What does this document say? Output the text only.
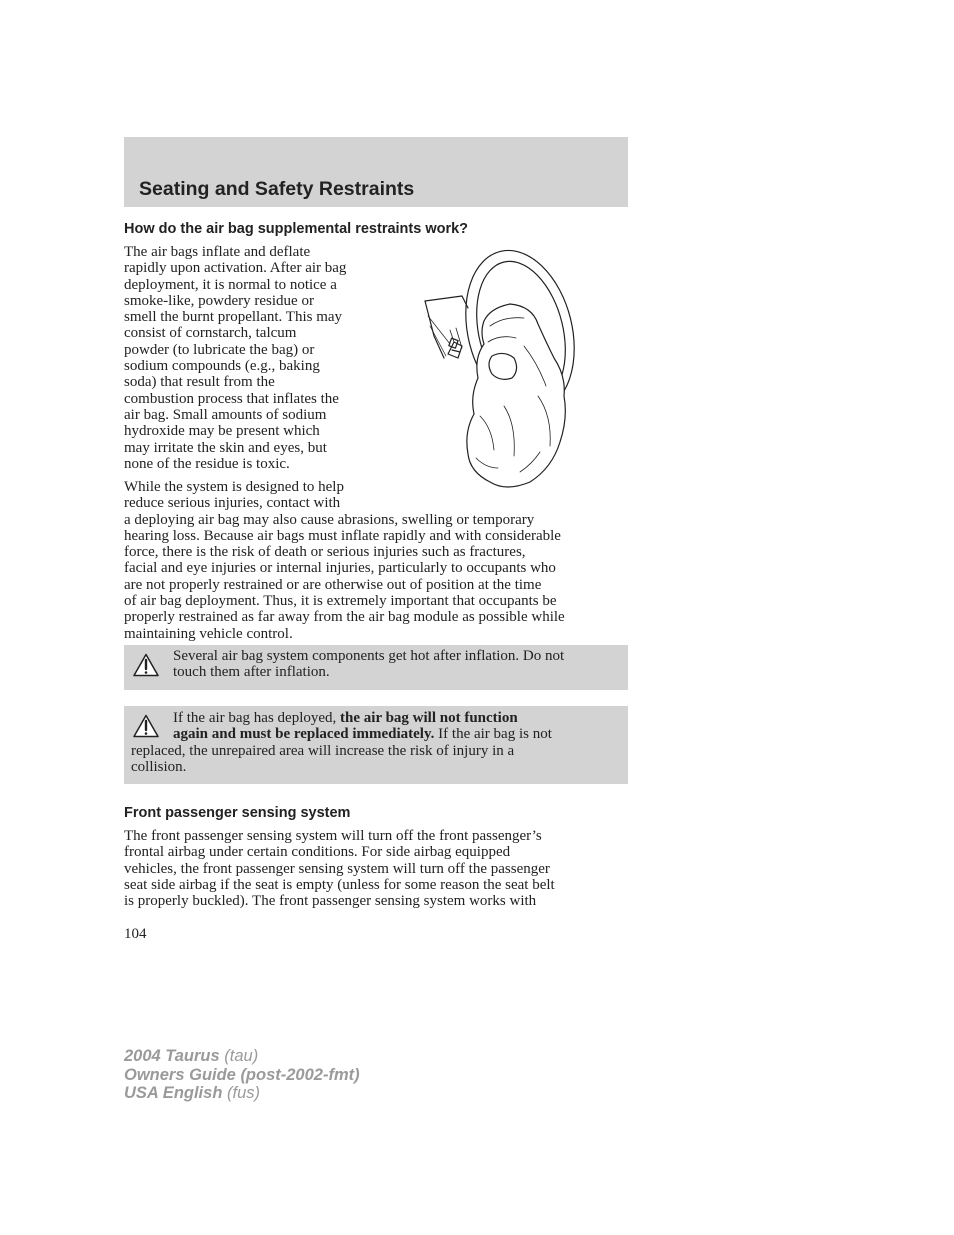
Seating and Safety Restraints
How do the air bag supplemental restraints work?
The air bags inflate and deflate
rapidly upon activation. After air bag
deployment, it is normal to notice a
smoke-like, powdery residue or
smell the burnt propellant. This may
consist of cornstarch, talcum
powder (to lubricate the bag) or
sodium compounds (e.g., baking
soda) that result from the
combustion process that inflates the
air bag. Small amounts of sodium
hydroxide may be present which
may irritate the skin and eyes, but
none of the residue is toxic.
While the system is designed to help
reduce serious injuries, contact with
a deploying air bag may also cause abrasions, swelling or temporary
hearing loss. Because air bags must inflate rapidly and with considerable
force, there is the risk of death or serious injuries such as fractures,
facial and eye injuries or internal injuries, particularly to occupants who
are not properly restrained or are otherwise out of position at the time
of air bag deployment. Thus, it is extremely important that occupants be
properly restrained as far away from the air bag module as possible while
maintaining vehicle control.
Several air bag system components get hot after inflation. Do not
touch them after inflation.
If the air bag has deployed, the air bag will not function
again and must be replaced immediately. If the air bag is not
replaced, the unrepaired area will increase the risk of injury in a
collision.
Front passenger sensing system
The front passenger sensing system will turn off the front passenger’s
frontal airbag under certain conditions. For side airbag equipped
vehicles, the front passenger sensing system will turn off the passenger
seat side airbag if the seat is empty (unless for some reason the seat belt
is properly buckled). The front passenger sensing system works with

104

2004 Taurus (tau)
Owners Guide (post-2002-fmt)
USA English (fus)
